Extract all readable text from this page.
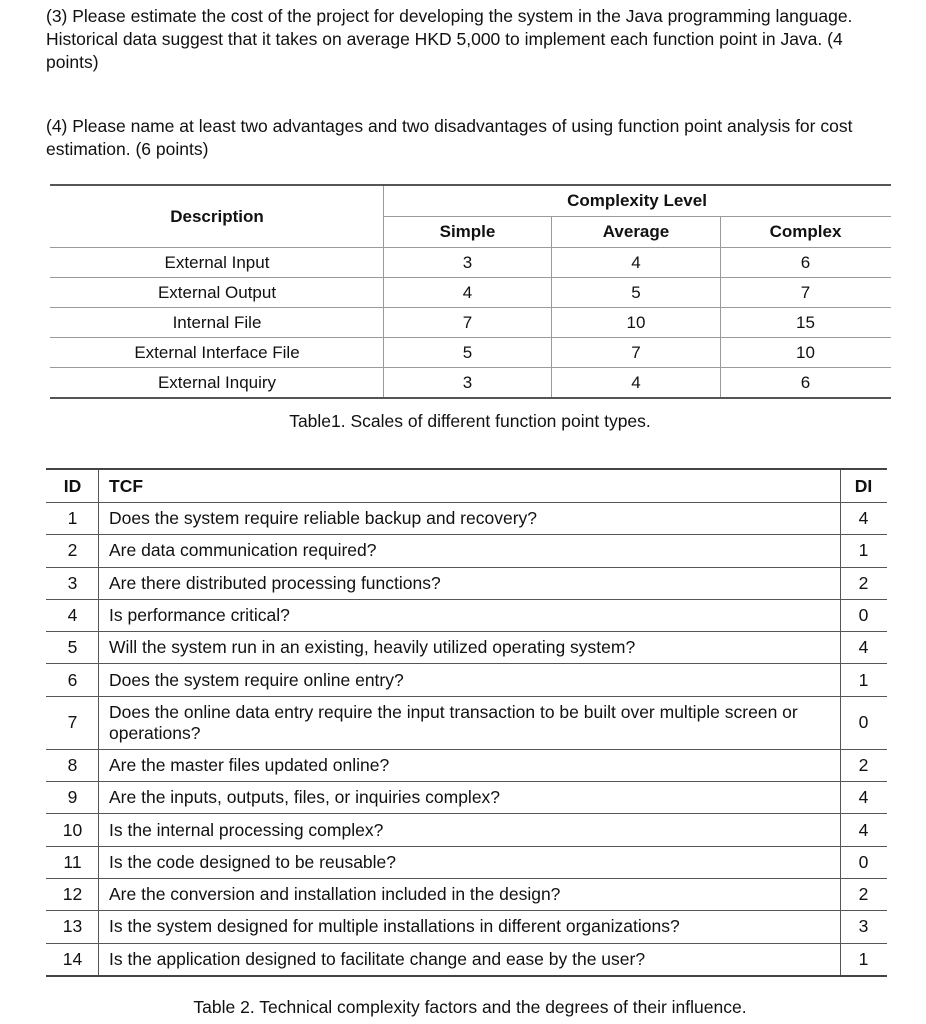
(3) Please estimate the cost of the project for developing the system in the Java programming language. Historical data suggest that it takes on average HKD 5,000 to implement each function point in Java. (4 points)

(4) Please name at least two advantages and two disadvantages of using function point analysis for cost estimation. (6 points)

Description	Complexity Level		
	Simple	Average	Complex
External Input	3	4	6
External Output	4	5	7
Internal File	7	10	15
External Interface File	5	7	10
External Inquiry	3	4	6

Table1. Scales of different function point types.

ID	TCF	DI
1	Does the system require reliable backup and recovery?	4
2	Are data communication required?	1
3	Are there distributed processing functions?	2
4	Is performance critical?	0
5	Will the system run in an existing, heavily utilized operating system?	4
6	Does the system require online entry?	1
7	Does the online data entry require the input transaction to be built over multiple screen or operations?	0
8	Are the master files updated online?	2
9	Are the inputs, outputs, files, or inquiries complex?	4
10	Is the internal processing complex?	4
11	Is the code designed to be reusable?	0
12	Are the conversion and installation included in the design?	2
13	Is the system designed for multiple installations in different organizations?	3
14	Is the application designed to facilitate change and ease by the user?	1

Table 2. Technical complexity factors and the degrees of their influence.
